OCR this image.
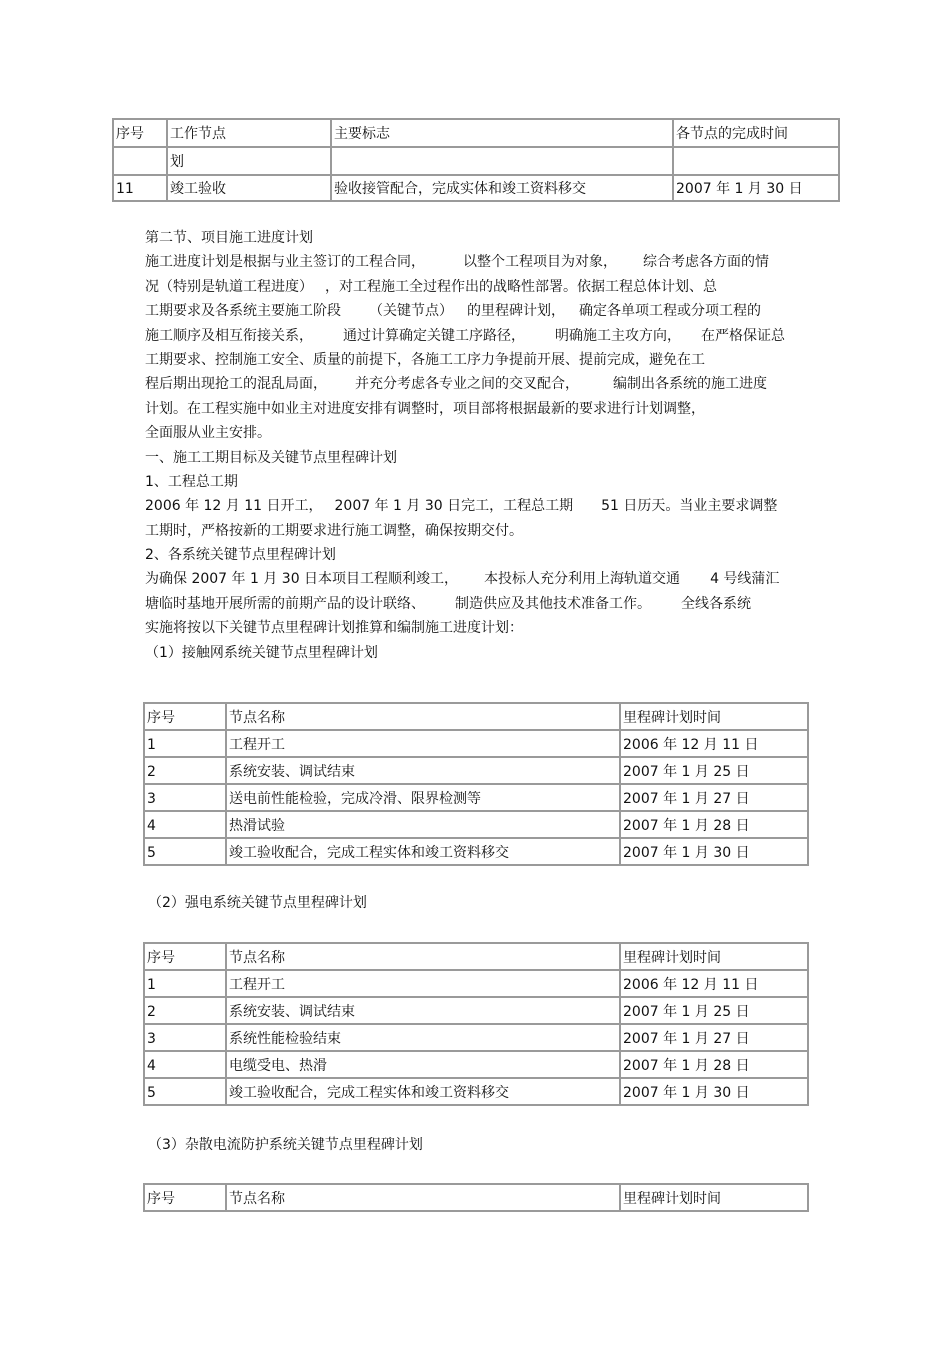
序号	工作节点	主要标志	各节点的完成时间
	划		
11	竣工验收	验收接管配合，完成实体和竣工资料移交	2007 年 1 月 30 日
第二节、项目施工进度计划
施工进度计划是根据与业主签订的工程合同，	以整个工程项目为对象， 综合考虑各方面的情
况（特别是轨道工程进度） ，对工程施工全过程作出的战略性部署。依据工程总体计划、总
工期要求及各系统主要施工阶段 （关键节点） 的里程碑计划， 确定各单项工程或分项工程的
施工顺序及相互衔接关系， 通过计算确定关键工序路径， 明确施工主攻方向， 在严格保证总
工期要求、控制施工安全、质量的前提下，各施工工序力争提前开展、提前完成，避免在工
程后期出现抢工的混乱局面， 并充分考虑各专业之间的交叉配合， 编制出各系统的施工进度
计划。在工程实施中如业主对进度安排有调整时，项目部将根据最新的要求进行计划调整，
全面服从业主安排。
一、施工工期目标及关键节点里程碑计划
1、工程总工期
2006 年 12 月 11 日开工， 2007 年 1 月 30 日完工，工程总工期 51 日历天。当业主要求调整
工期时，严格按新的工期要求进行施工调整，确保按期交付。
2、各系统关键节点里程碑计划
为确保 2007 年 1 月 30 日本项目工程顺利竣工， 本投标人充分利用上海轨道交通 4 号线蒲汇
塘临时基地开展所需的前期产品的设计联络、 制造供应及其他技术准备工作。 全线各系统
实施将按以下关键节点里程碑计划推算和编制施工进度计划：
（1）接触网系统关键节点里程碑计划
序号	节点名称	里程碑计划时间
1	工程开工	2006 年 12 月 11 日
2	系统安装、调试结束	2007 年 1 月 25 日
3	送电前性能检验，完成冷滑、限界检测等	2007 年 1 月 27 日
4	热滑试验	2007 年 1 月 28 日
5	竣工验收配合，完成工程实体和竣工资料移交	2007 年 1 月 30 日
（2）强电系统关键节点里程碑计划
序号	节点名称	里程碑计划时间
1	工程开工	2006 年 12 月 11 日
2	系统安装、调试结束	2007 年 1 月 25 日
3	系统性能检验结束	2007 年 1 月 27 日
4	电缆受电、热滑	2007 年 1 月 28 日
5	竣工验收配合，完成工程实体和竣工资料移交	2007 年 1 月 30 日
（3）杂散电流防护系统关键节点里程碑计划
序号	节点名称	里程碑计划时间
